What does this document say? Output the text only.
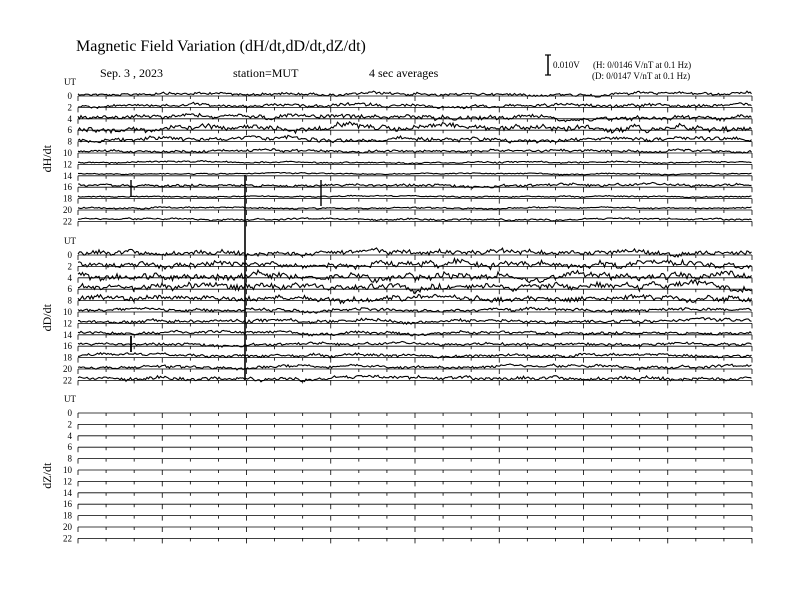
Magnetic Field Variation (dH/dt,dD/dt,dZ/dt)
Sep. 3 , 2023	station=MUT	4 sec averages
UT
dH/dt
0
2
4
6
8
10
12
14
16
18
20
22
UT
dD/dt
0
2
4
6
8
10
12
14
16
18
20
22
UT
dZ/dt
0
2
4
6
8
10
12
14
16
18
20
22
0.010V (H: 0/0146 V/nT at 0.1 Hz)
(D: 0/0147 V/nT at 0.1 Hz)
